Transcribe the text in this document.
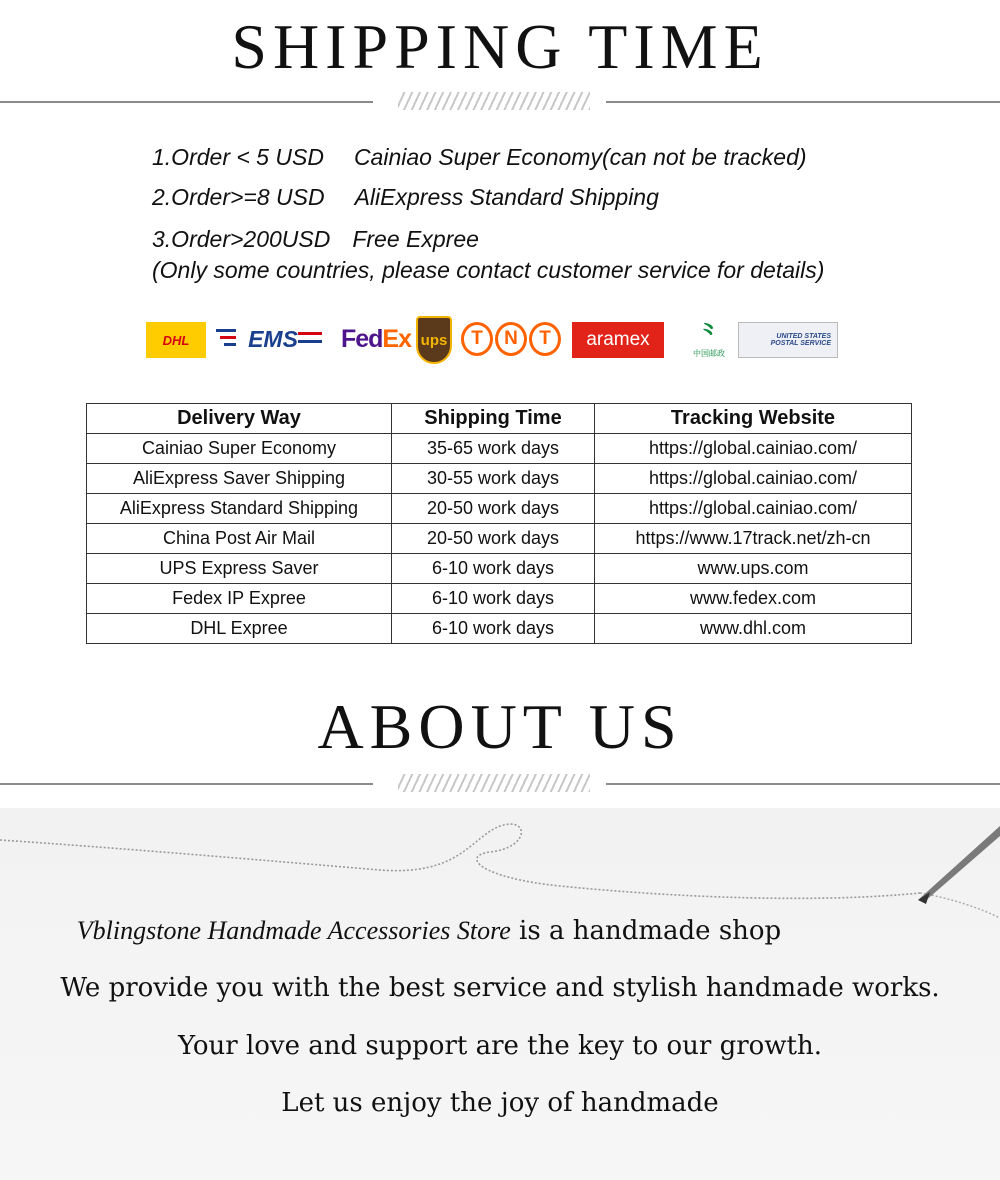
SHIPPING TIME
1.Order < 5 USD Cainiao Super Economy(can not be tracked)
2.Order>=8 USD AliExpress Standard Shipping
3.Order>200USD Free Expree
(Only some countries, please contact customer service for details)
DHL	EMS Fed Ex ups	T	N	T	aramex ⺀
中国邮政
UNITED STATES
POSTAL SERVICE
Delivery Way	Shipping Time	Tracking Website
Cainiao Super Economy	35-65 work days	https://global.cainiao.com/
AliExpress Saver Shipping	30-55 work days	https://global.cainiao.com/
AliExpress Standard Shipping	20-50 work days	https://global.cainiao.com/
China Post Air Mail	20-50 work days	https://www.17track.net/zh-cn
UPS Express Saver	6-10 work days	www.ups.com
Fedex IP Expree	6-10 work days	www.fedex.com
DHL Expree	6-10 work days	www.dhl.com
ABOUT US
Vblingstone Handmade Accessories Store is a handmade shop
We provide you with the best service and stylish handmade works.
Your love and support are the key to our growth.
Let us enjoy the joy of handmade
